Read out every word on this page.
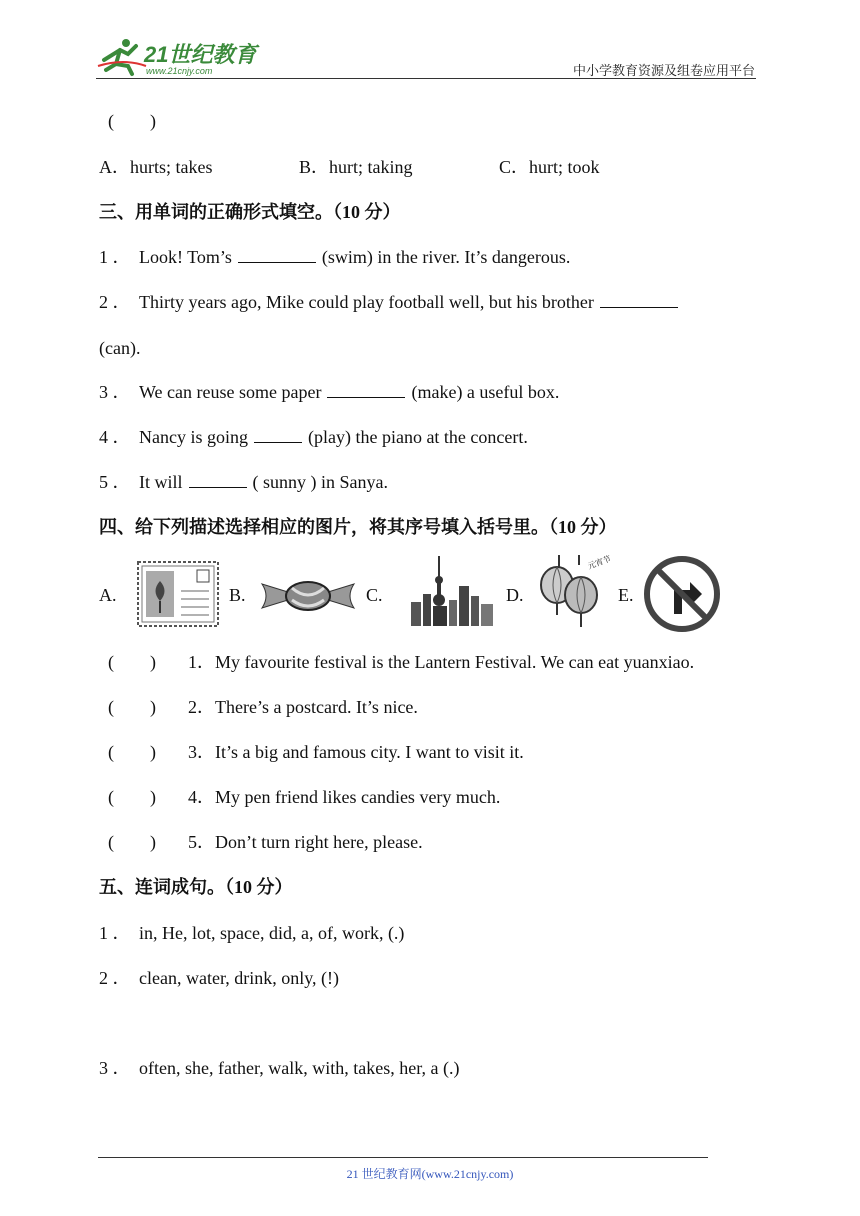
21世纪教育
www.21cnjy.com	中小学教育资源及组卷应用平台
(　　)
A．hurts; takes	B．hurt; taking	C．hurt; took
三、用单词的正确形式填空。（10 分）
1 ． Look! Tom’s	(swim) in the river. It’s dangerous.
2 ． Thirty years ago, Mike could play football well, but his brother
(can).
3 ． We can reuse some paper	(make) a useful box.
4 ． Nancy is going	(play) the piano at the concert.
5 ． It will	( sunny ) in Sanya.
四、给下列描述选择相应的图片，将其序号填入括号里。（10 分）
A.	B.	C.	D.
元宵节
E.
(　　) 1．My favourite festival is the Lantern Festival. We can eat yuanxiao.
(　　) 2．There’s a postcard. It’s nice.
(　　) 3．It’s a big and famous city. I want to visit it.
(　　) 4．My pen friend likes candies very much.
(　　) 5．Don’t turn right here, please.
五、连词成句。（10 分）
1 ． in, He, lot, space, did, a, of, work, (.)
2 ． clean, water, drink, only, (!)
3 ． often, she, father, walk, with, takes, her, a (.)
21 世纪教育网(www.21cnjy.com)
